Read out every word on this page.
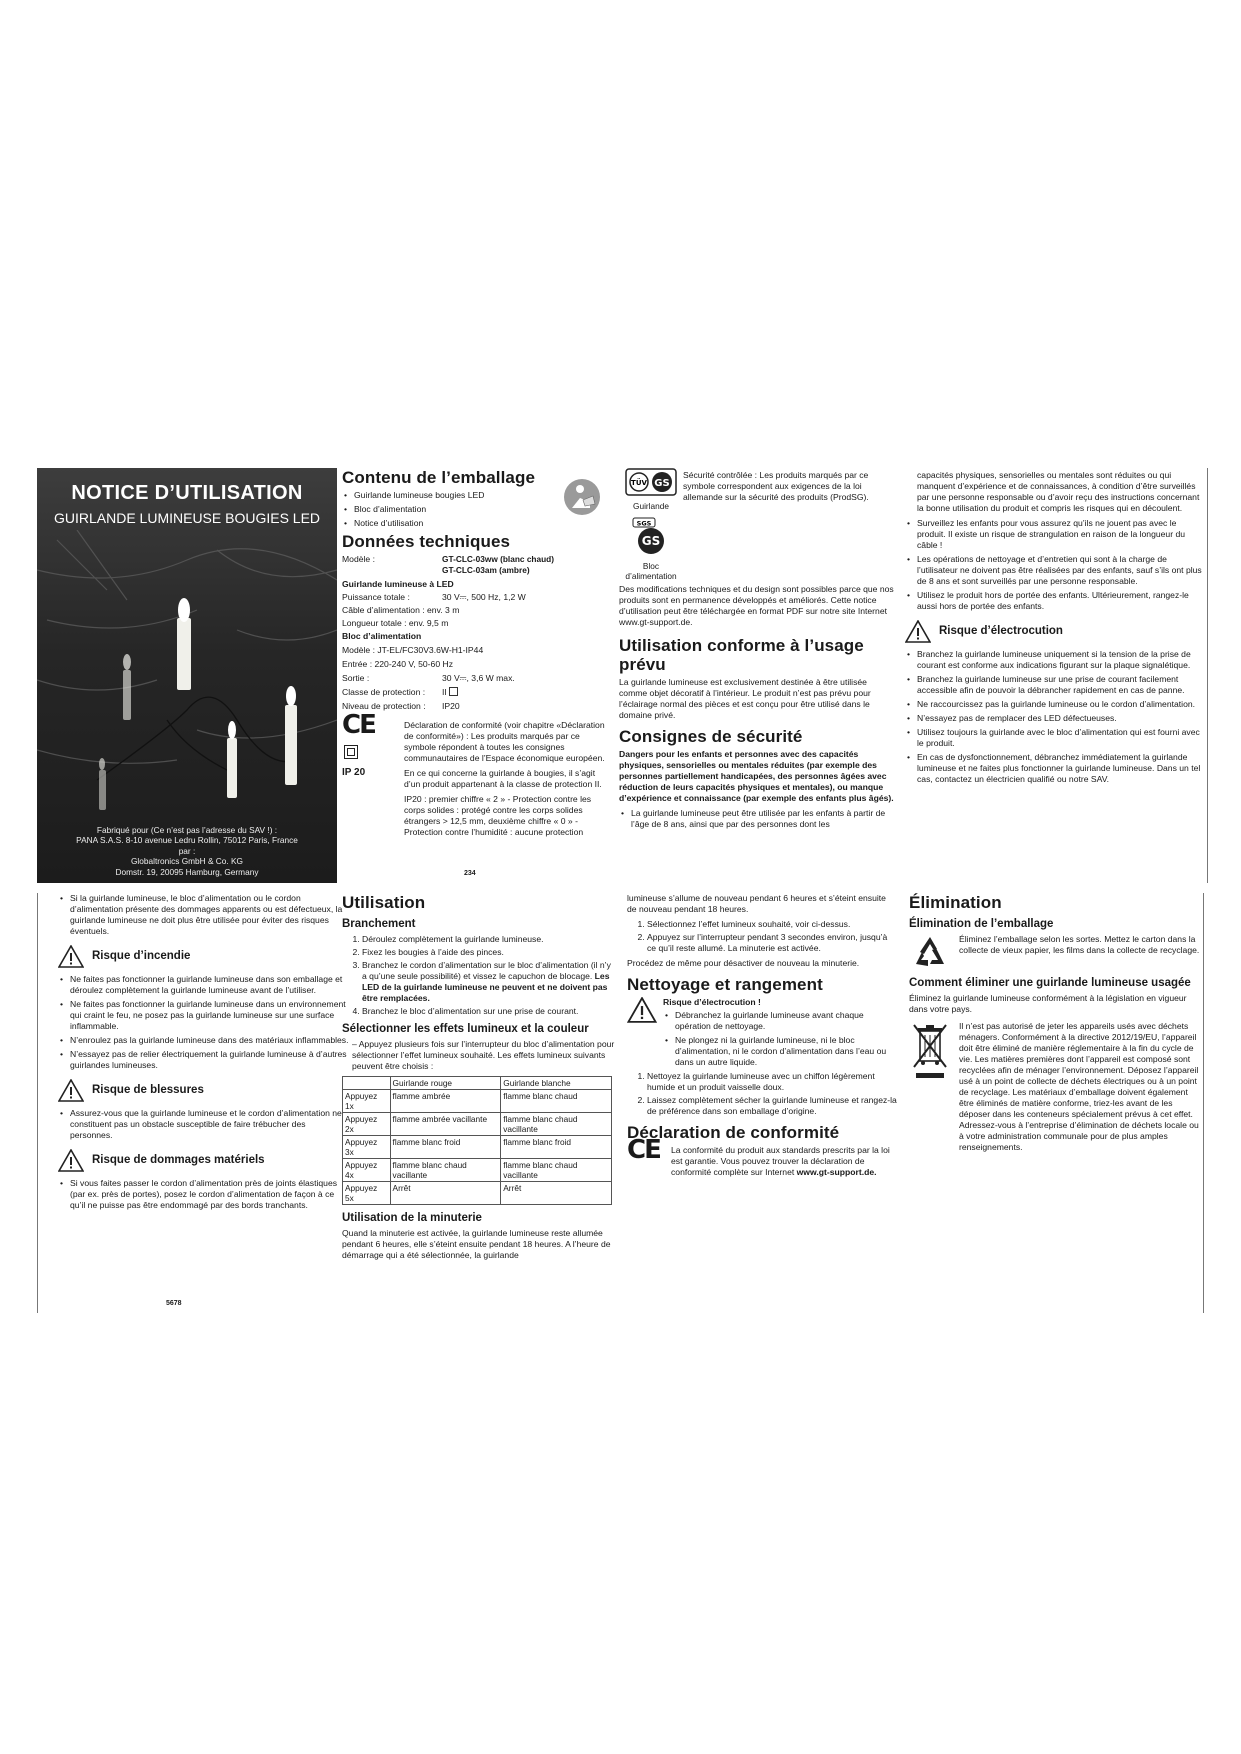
NOTICE D’UTILISATION
GUIRLANDE LUMINEUSE BOUGIES LED
Fabriqué pour (Ce n’est pas l’adresse du SAV !) :
PANA S.A.S. 8-10 avenue Ledru Rollin, 75012 Paris, France
par :
Globaltronics GmbH & Co. KG
Domstr. 19, 20095 Hamburg, Germany
Contenu de l’emballage
• Guirlande lumineuse bougies LED
• Bloc d’alimentation
• Notice d’utilisation
Données techniques
Modèle :	GT-CLC-03ww (blanc chaud)
GT-CLC-03am (ambre)
Guirlande lumineuse à LED
Puissance totale :	30 V⎓, 500 Hz, 1,2 W
Câble d’alimentation : env. 3 m
Longueur totale : env. 9,5 m
Bloc d’alimentation
Modèle : JT-EL/FC30V3.6W-H1-IP44
Entrée : 220-240 V, 50-60 Hz
Sortie :	30 V⎓, 3,6 W max.
Classe de protection :	II
Niveau de protection :	IP20
CE
IP 20

Déclaration de conformité (voir chapitre «Déclaration de conformité») : Les produits marqués par ce symbole répondent à toutes les consignes communautaires de l’Espace économique européen.

En ce qui concerne la guirlande à bougies, il s’agit d’un produit appartenant à la classe de protection II.

IP20 : premier chiffre « 2 » - Protection contre les corps solides : protégé contre les corps solides étrangers > 12,5 mm, deuxième chiffre « 0 » - Protection contre l’humidité : aucune protection

234
TÜV GS
Guirlande
SGS
GS
Bloc d’alimentation
Sécurité contrôlée : Les produits marqués par ce symbole correspondent aux exigences de la loi allemande sur la sécurité des produits (ProdSG).

Des modifications techniques et du design sont possibles parce que nos produits sont en permanence développés et améliorés. Cette notice d’utilisation peut être téléchargée en format PDF sur notre site Internet www.gt-support.de.

Utilisation conforme à l’usage prévu

La guirlande lumineuse est exclusivement destinée à être utilisée comme objet décoratif à l’intérieur. Le produit n’est pas prévu pour l’éclairage normal des pièces et est conçu pour être utilisé dans le domaine privé.

Consignes de sécurité

Dangers pour les enfants et personnes avec des capacités physiques, sensorielles ou mentales réduites (par exemple des personnes partiellement handicapées, des personnes âgées avec réduction de leurs capacités physiques et mentales), ou manque d’expérience et connaissance (par exemple des enfants plus âgés).

• La guirlande lumineuse peut être utilisée par les enfants à partir de l’âge de 8 ans, ainsi que par des personnes dont les

capacités physiques, sensorielles ou mentales sont réduites ou qui manquent d’expérience et de connaissances, à condition d’être surveillés par une personne responsable ou d’avoir reçu des instructions concernant la bonne utilisation du produit et compris les risques qui en découlent.

• Surveillez les enfants pour vous assurez qu’ils ne jouent pas avec le produit. Il existe un risque de strangulation en raison de la longueur du câble !
• Les opérations de nettoyage et d’entretien qui sont à la charge de l’utilisateur ne doivent pas être réalisées par des enfants, sauf s’ils ont plus de 8 ans et sont surveillés par une personne responsable.
• Utilisez le produit hors de portée des enfants. Ultérieurement, rangez-le aussi hors de portée des enfants.
Risque d’électrocution
• Branchez la guirlande lumineuse uniquement si la tension de la prise de courant est conforme aux indications figurant sur la plaque signalétique.
• Branchez la guirlande lumineuse sur une prise de courant facilement accessible afin de pouvoir la débrancher rapidement en cas de panne.
• Ne raccourcissez pas la guirlande lumineuse ou le cordon d’alimentation.
• N’essayez pas de remplacer des LED défectueuses.
• Utilisez toujours la guirlande avec le bloc d’alimentation qui est fourni avec le produit.
• En cas de dysfonctionnement, débranchez immédiatement la guirlande lumineuse et ne faites plus fonctionner la guirlande lumineuse. Dans un tel cas, contactez un électricien qualifié ou notre SAV.
• Si la guirlande lumineuse, le bloc d’alimentation ou le cordon d’alimentation présente des dommages apparents ou est défectueux, la guirlande lumineuse ne doit plus être utilisée pour éviter des risques éventuels.
Risque d’incendie
• Ne faites pas fonctionner la guirlande lumineuse dans son emballage et déroulez complètement la guirlande lumineuse avant de l’utiliser.
• Ne faites pas fonctionner la guirlande lumineuse dans un environnement qui craint le feu, ne posez pas la guirlande lumineuse sur une surface inflammable.
• N’enroulez pas la guirlande lumineuse dans des matériaux inflammables.
• N’essayez pas de relier électriquement la guirlande lumineuse à d’autres guirlandes lumineuses.
Risque de blessures
• Assurez-vous que la guirlande lumineuse et le cordon d’alimentation ne constituent pas un obstacle susceptible de faire trébucher des personnes.
Risque de dommages matériels
• Si vous faites passer le cordon d’alimentation près de joints élastiques (par ex. près de portes), posez le cordon d’alimentation de façon à ce qu’il ne puisse pas être endommagé par des bords tranchants.
5678
Utilisation
Branchement
1. Déroulez complètement la guirlande lumineuse.
2. Fixez les bougies à l’aide des pinces.
3. Branchez le cordon d’alimentation sur le bloc d’alimentation (il n’y a qu’une seule possibilité) et vissez le capuchon de blocage. Les LED de la guirlande lumineuse ne peuvent et ne doivent pas être remplacées.
4. Branchez le bloc d’alimentation sur une prise de courant.
Sélectionner les effets lumineux et la couleur

– Appuyez plusieurs fois sur l’interrupteur du bloc d’alimentation pour sélectionner l’effet lumineux souhaité. Les effets lumineux suivants peuvent être choisis :

	Guirlande rouge	Guirlande blanche
Appuyez 1x	flamme ambrée	flamme blanc chaud
Appuyez 2x	flamme ambrée vacillante	flamme blanc chaud vacillante
Appuyez 3x	flamme blanc froid	flamme blanc froid
Appuyez 4x	flamme blanc chaud vacillante	flamme blanc chaud vacillante
Appuyez 5x	Arrêt	Arrêt
Utilisation de la minuterie

Quand la minuterie est activée, la guirlande lumineuse reste allumée pendant 6 heures, elle s’éteint ensuite pendant 18 heures. A l’heure de démarrage qui a été sélectionnée, la guirlande

lumineuse s’allume de nouveau pendant 6 heures et s’éteint ensuite de nouveau pendant 18 heures.

1. Sélectionnez l’effet lumineux souhaité, voir ci-dessus.
2. Appuyez sur l’interrupteur pendant 3 secondes environ, jusqu’à ce qu’il reste allumé. La minuterie est activée.

Procédez de même pour désactiver de nouveau la minuterie.

Nettoyage et rangement
Risque d’électrocution !
• Débranchez la guirlande lumineuse avant chaque opération de nettoyage.
• Ne plongez ni la guirlande lumineuse, ni le bloc d’alimentation, ni le cordon d’alimentation dans l’eau ou dans un autre liquide.
1. Nettoyez la guirlande lumineuse avec un chiffon légèrement humide et un produit vaisselle doux.
2. Laissez complètement sécher la guirlande lumineuse et rangez-la de préférence dans son emballage d’origine.
Déclaration de conformité
CE	La conformité du produit aux standards prescrits par la loi est garantie. Vous pouvez trouver la déclaration de conformité complète sur Internet www.gt-support.de.
Élimination
Élimination de l’emballage
Éliminez l’emballage selon les sortes. Mettez le carton dans la collecte de vieux papier, les films dans la collecte de recyclage.
Comment éliminer une guirlande lumineuse usagée

Éliminez la guirlande lumineuse conformément à la législation en vigueur dans votre pays.

Il n’est pas autorisé de jeter les appareils usés avec déchets ménagers. Conformément à la directive 2012/19/EU, l’appareil doit être éliminé de manière réglementaire à la fin du cycle de vie. Les matières premières dont l’appareil est composé sont recyclées afin de ménager l’environnement. Déposez l’appareil usé à un point de collecte de déchets électriques ou à un point de recyclage. Les matériaux d’emballage doivent également être éliminés de matière conforme, triez-les avant de les déposer dans les conteneurs spécialement prévus à cet effet. Adressez-vous à l’entreprise d’élimination de déchets locale ou à votre administration communale pour de plus amples renseignements.
